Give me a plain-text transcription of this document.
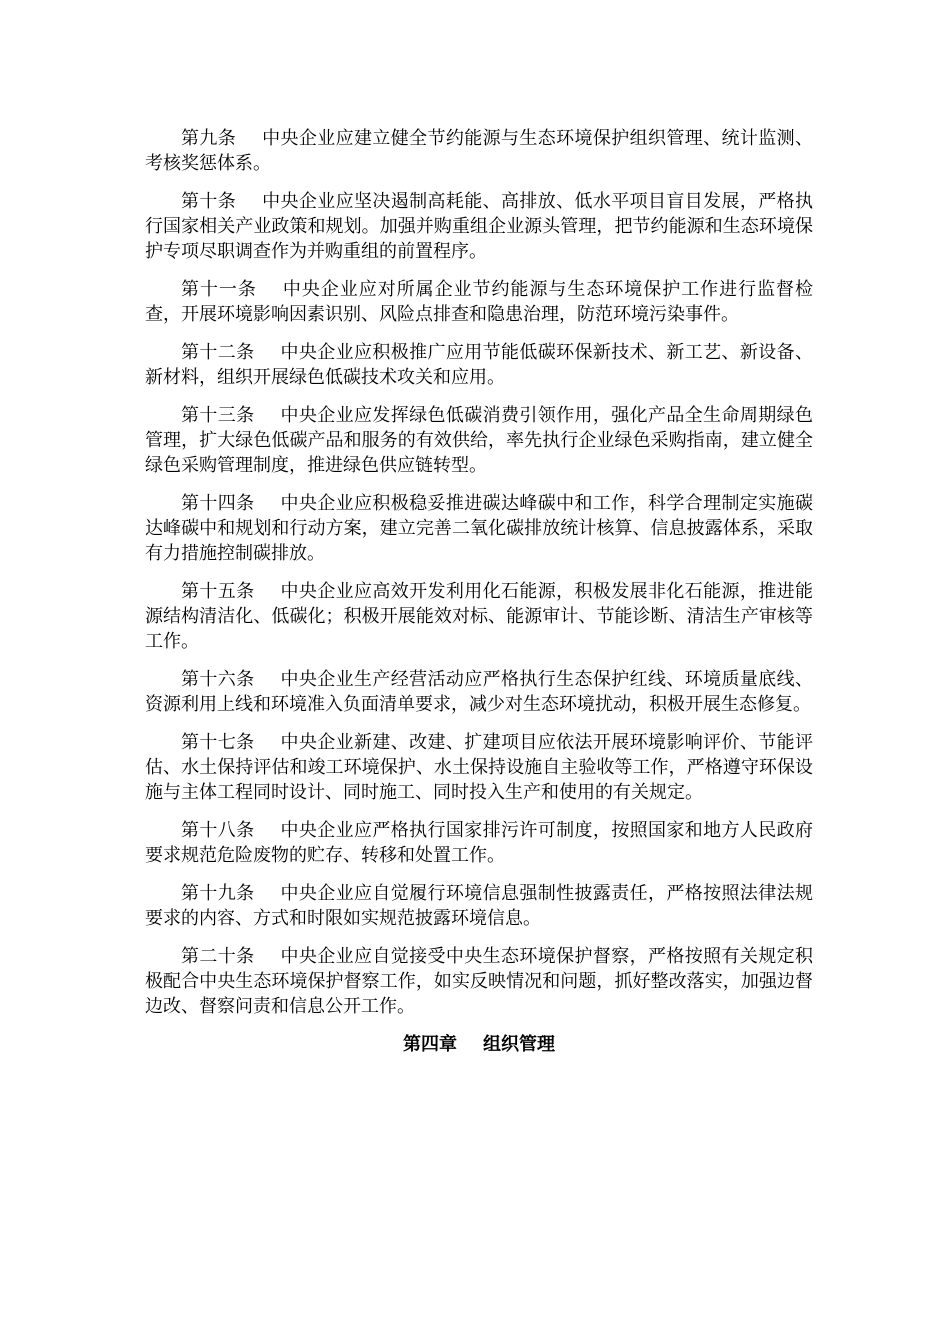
第九条 中央企业应建立健全节约能源与生态环境保护组织管理、统计监测、考核奖惩体系。

第十条 中央企业应坚决遏制高耗能、高排放、低水平项目盲目发展，严格执行国家相关产业政策和规划。加强并购重组企业源头管理，把节约能源和生态环境保护专项尽职调查作为并购重组的前置程序。

第十一条 中央企业应对所属企业节约能源与生态环境保护工作进行监督检查，开展环境影响因素识别、风险点排查和隐患治理，防范环境污染事件。

第十二条 中央企业应积极推广应用节能低碳环保新技术、新工艺、新设备、新材料，组织开展绿色低碳技术攻关和应用。

第十三条 中央企业应发挥绿色低碳消费引领作用，强化产品全生命周期绿色管理，扩大绿色低碳产品和服务的有效供给，率先执行企业绿色采购指南，建立健全绿色采购管理制度，推进绿色供应链转型。

第十四条 中央企业应积极稳妥推进碳达峰碳中和工作，科学合理制定实施碳达峰碳中和规划和行动方案，建立完善二氧化碳排放统计核算、信息披露体系，采取有力措施控制碳排放。

第十五条 中央企业应高效开发利用化石能源，积极发展非化石能源，推进能源结构清洁化、低碳化；积极开展能效对标、能源审计、节能诊断、清洁生产审核等工作。

第十六条 中央企业生产经营活动应严格执行生态保护红线、环境质量底线、资源利用上线和环境准入负面清单要求，减少对生态环境扰动，积极开展生态修复。

第十七条 中央企业新建、改建、扩建项目应依法开展环境影响评价、节能评估、水土保持评估和竣工环境保护、水土保持设施自主验收等工作，严格遵守环保设施与主体工程同时设计、同时施工、同时投入生产和使用的有关规定。

第十八条 中央企业应严格执行国家排污许可制度，按照国家和地方人民政府要求规范危险废物的贮存、转移和处置工作。

第十九条 中央企业应自觉履行环境信息强制性披露责任，严格按照法律法规要求的内容、方式和时限如实规范披露环境信息。

第二十条 中央企业应自觉接受中央生态环境保护督察，严格按照有关规定积极配合中央生态环境保护督察工作，如实反映情况和问题，抓好整改落实，加强边督边改、督察问责和信息公开工作。

第四章 组织管理
